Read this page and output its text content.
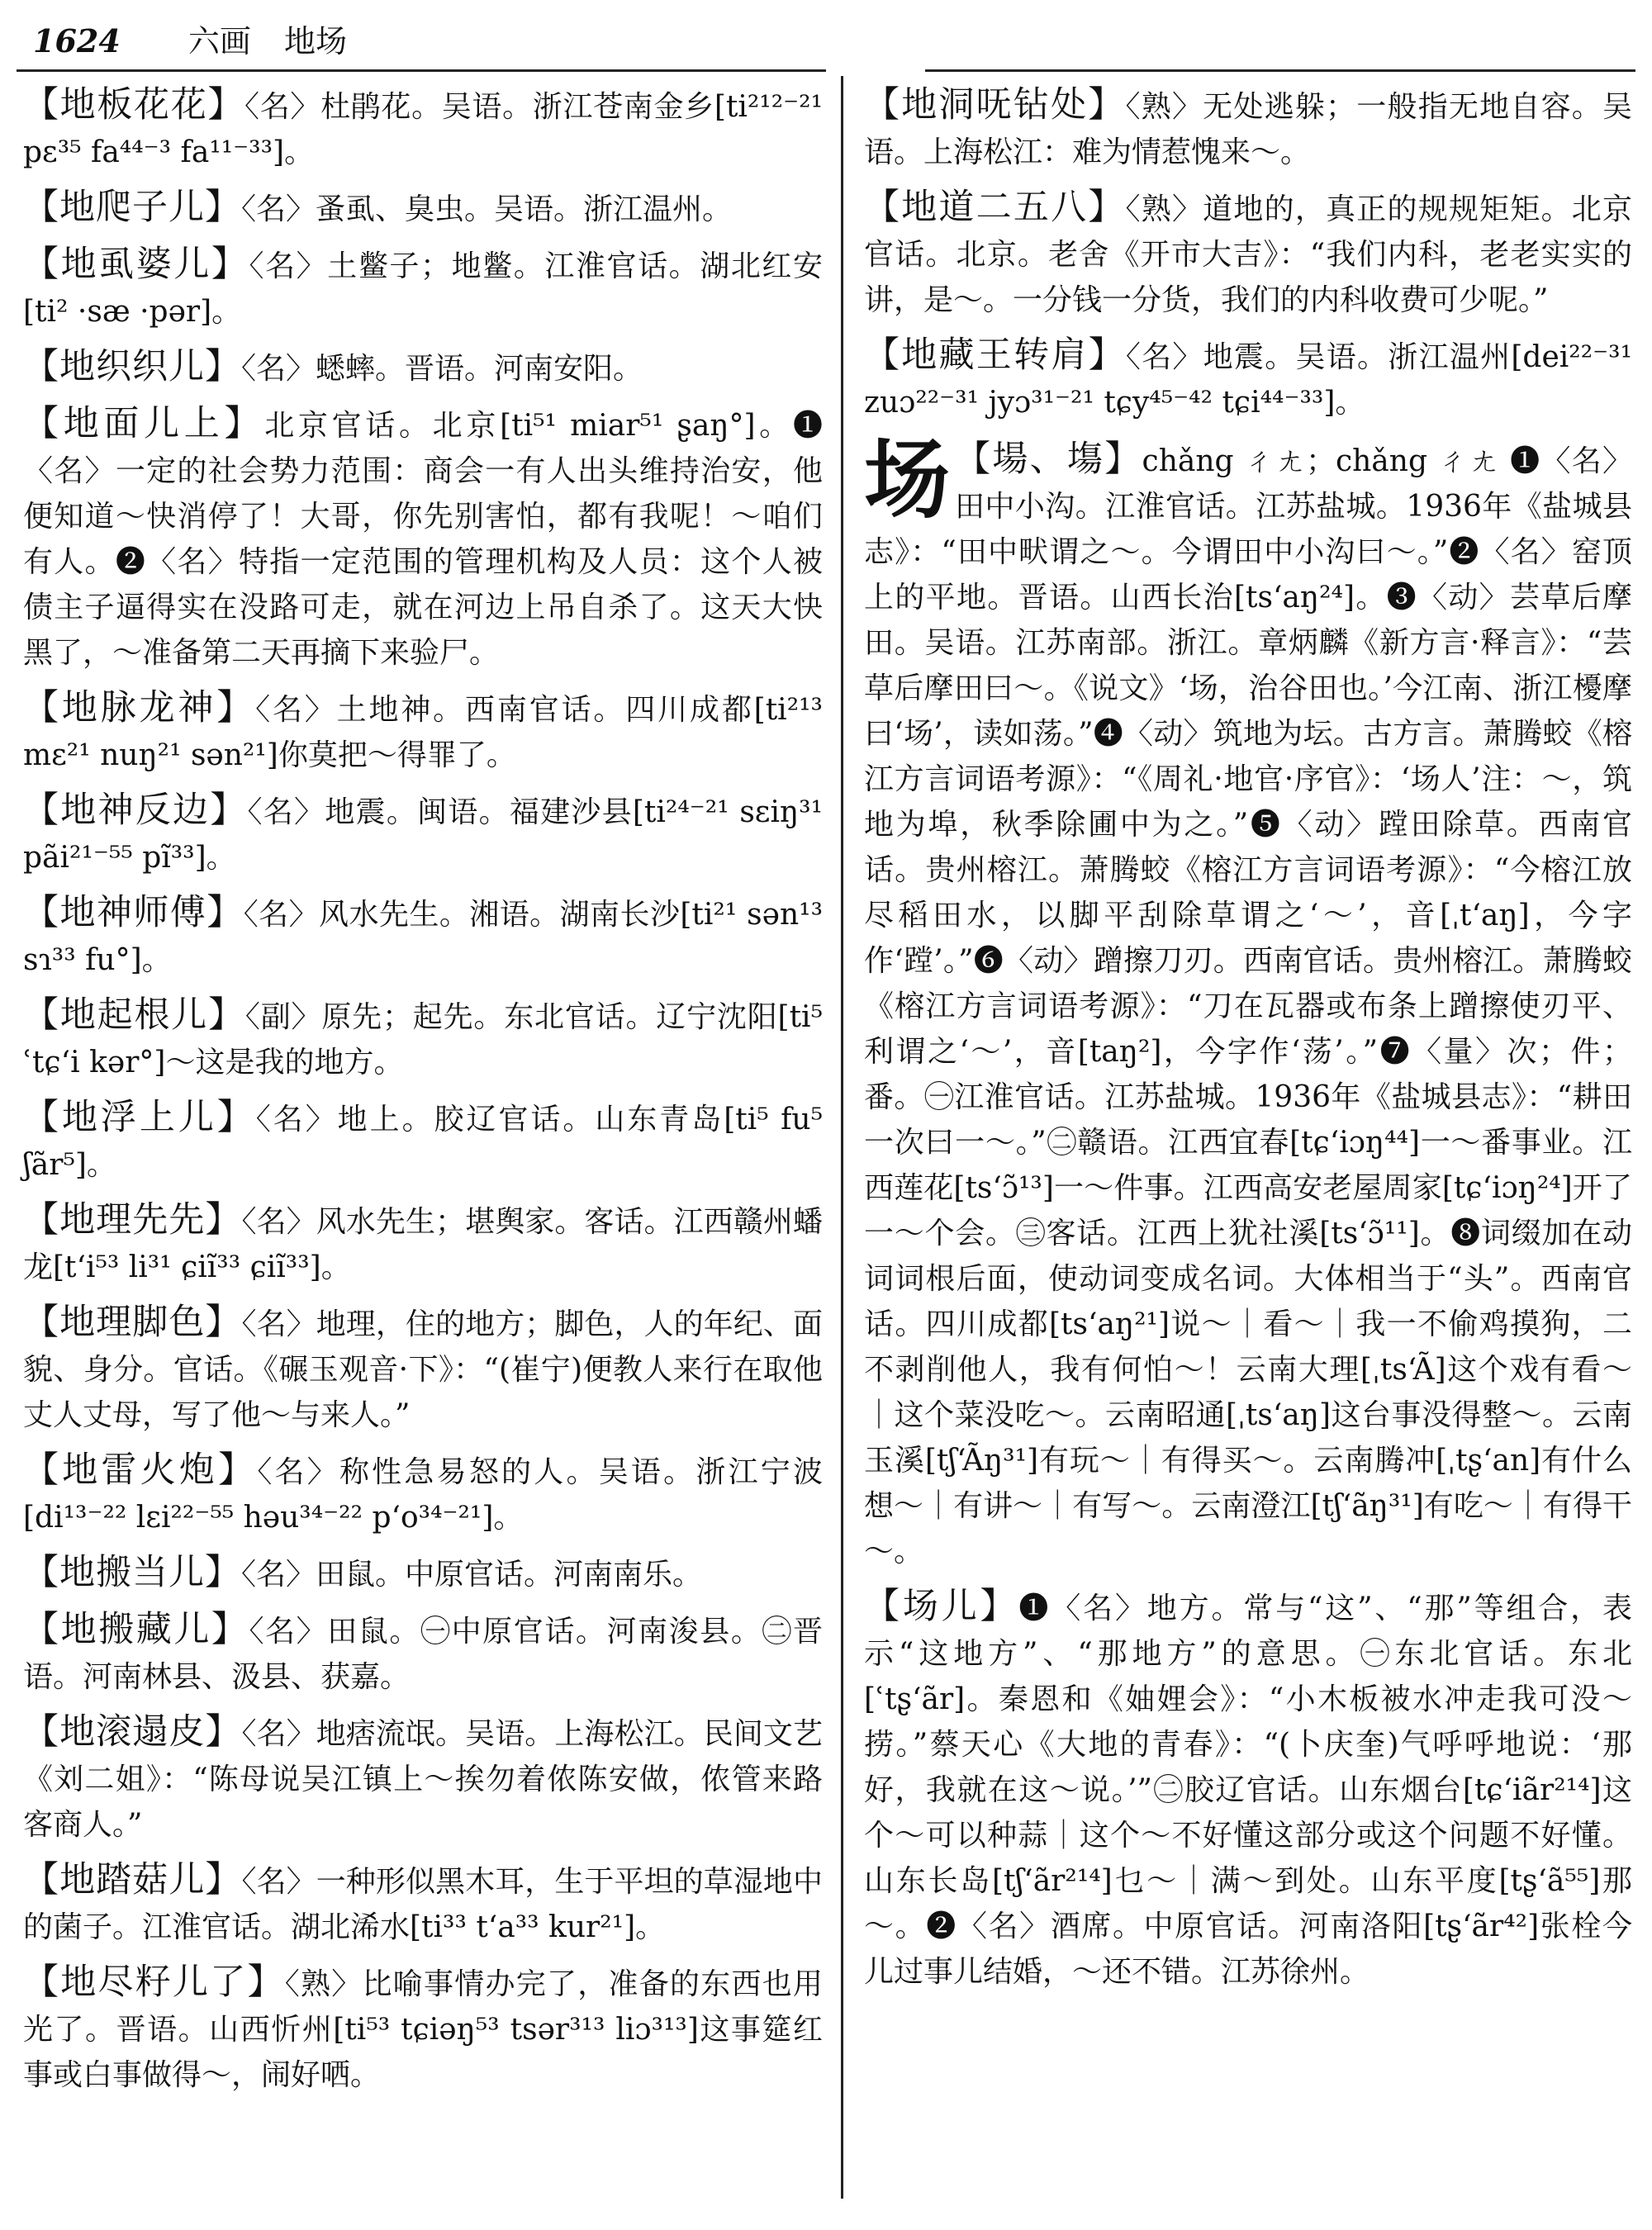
1624 六画 地场

【地板花花】〈名〉杜鹃花。吴语。浙江苍南金乡[ti²¹²⁻²¹ pɛ³⁵ fa⁴⁴⁻³ fa¹¹⁻³³]。

【地爬子儿】〈名〉蚤虱、臭虫。吴语。浙江温州。

【地虱婆儿】〈名〉土鳖子；地鳖。江淮官话。湖北红安[ti² ·sæ ·pər]。

【地织织儿】〈名〉蟋蟀。晋语。河南安阳。

【地面儿上】北京官话。北京[ti⁵¹ miar⁵¹ ʂaŋ°]。❶〈名〉一定的社会势力范围：商会一有人出头维持治安，他便知道～快消停了！大哥，你先别害怕，都有我呢！～咱们有人。❷〈名〉特指一定范围的管理机构及人员：这个人被债主子逼得实在没路可走，就在河边上吊自杀了。这天大快黑了，～准备第二天再摘下来验尸。

【地脉龙神】〈名〉土地神。西南官话。四川成都[ti²¹³ mɛ²¹ nuŋ²¹ sən²¹]你莫把～得罪了。

【地神反边】〈名〉地震。闽语。福建沙县[ti²⁴⁻²¹ sɛiŋ³¹ pãi²¹⁻⁵⁵ pĩ³³]。

【地神师傅】〈名〉风水先生。湘语。湖南长沙[ti²¹ sən¹³ sɿ³³ fu°]。

【地起根儿】〈副〉原先；起先。东北官话。辽宁沈阳[ti⁵ ʿtɕʻi kər°]～这是我的地方。

【地浮上儿】〈名〉地上。胶辽官话。山东青岛[ti⁵ fu⁵ ʃãr⁵]。

【地理先先】〈名〉风水先生；堪舆家。客话。江西赣州蟠龙[tʻi⁵³ li³¹ ɕiĩ³³ ɕiĩ³³]。

【地理脚色】〈名〉地理，住的地方；脚色，人的年纪、面貌、身分。官话。《碾玉观音·下》：“(崔宁)便教人来行在取他丈人丈母，写了他～与来人。”

【地雷火炮】〈名〉称性急易怒的人。吴语。浙江宁波[di¹³⁻²² lɛi²²⁻⁵⁵ həu³⁴⁻²² pʻo³⁴⁻²¹]。

【地搬当儿】〈名〉田鼠。中原官话。河南南乐。

【地搬藏儿】〈名〉田鼠。㊀中原官话。河南浚县。㊁晋语。河南林县、汲县、获嘉。

【地滚遢皮】〈名〉地痞流氓。吴语。上海松江。民间文艺《刘二姐》：“陈母说吴江镇上～挨勿着侬陈安做，侬管来路客商人。”

【地踏菇儿】〈名〉一种形似黑木耳，生于平坦的草湿地中的菌子。江淮官话。湖北浠水[ti³³ tʻa³³ kur²¹]。

【地尽籽儿了】〈熟〉比喻事情办完了，准备的东西也用光了。晋语。山西忻州[ti⁵³ tɕiəŋ⁵³ tsər³¹³ liɔ³¹³]这事筵红事或白事做得～，闹好哂。

【地洞呒钻处】〈熟〉无处逃躲；一般指无地自容。吴语。上海松江：难为情惹愧来～。

【地道二五八】〈熟〉道地的，真正的规规矩矩。北京官话。北京。老舍《开市大吉》：“我们内科，老老实实的讲，是～。一分钱一分货，我们的内科收费可少呢。”

【地藏王转肩】〈名〉地震。吴语。浙江温州[dei²²⁻³¹ zuɔ²²⁻³¹ jyɔ³¹⁻²¹ tɕy⁴⁵⁻⁴² tɕi⁴⁴⁻³³]。

场 【場、塲】chǎng ㄔㄤ；chǎng ㄔㄤ ❶〈名〉田中小沟。江淮官话。江苏盐城。1936年《盐城县志》：“田中畎谓之～。今谓田中小沟曰～。”❷〈名〉窑顶上的平地。晋语。山西长治[tsʻaŋ²⁴]。❸〈动〉芸草后摩田。吴语。江苏南部。浙江。章炳麟《新方言·释言》：“芸草后摩田曰～。《说文》‘场，治谷田也。’今江南、浙江櫌摩曰‘场’，读如荡。”❹〈动〉筑地为坛。古方言。萧腾蛟《榕江方言词语考源》：“《周礼·地官·序官》：‘场人’注：～，筑地为埠，秋季除圃中为之。”❺〈动〉蹚田除草。西南官话。贵州榕江。萧腾蛟《榕江方言词语考源》：“今榕江放尽稻田水，以脚平刮除草谓之‘～’，音[ˌtʻaŋ]，今字作‘蹚’。”❻〈动〉蹭擦刀刃。西南官话。贵州榕江。萧腾蛟《榕江方言词语考源》：“刀在瓦器或布条上蹭擦使刃平、利谓之‘～’，音[taŋ²]，今字作‘荡’。”❼〈量〉次；件；番。㊀江淮官话。江苏盐城。1936年《盐城县志》：“耕田一次曰一～。”㊁赣语。江西宜春[tɕʻiɔŋ⁴⁴]一～番事业。江西莲花[tsʻɔ̃¹³]一～件事。江西高安老屋周家[tɕʻiɔŋ²⁴]开了一～个会。㊂客话。江西上犹社溪[tsʻɔ̃¹¹]。❽词缀加在动词词根后面，使动词变成名词。大体相当于“头”。西南官话。四川成都[tsʻaŋ²¹]说～｜看～｜我一不偷鸡摸狗，二不剥削他人，我有何怕～！云南大理[ˌtsʻÃ]这个戏有看～｜这个菜没吃～。云南昭通[ˌtsʻaŋ]这台事没得整～。云南玉溪[tʃʻÃŋ³¹]有玩～｜有得买～。云南腾冲[ˌtʂʻan]有什么想～｜有讲～｜有写～。云南澄江[tʃʻãŋ³¹]有吃～｜有得干～。

【场儿】❶〈名〉地方。常与“这”、“那”等组合，表示“这地方”、“那地方”的意思。㊀东北官话。东北[ʿtʂʻãr]。秦恩和《妯娌会》：“小木板被水冲走我可没～捞。”蔡天心《大地的青春》：“(卜庆奎)气呼呼地说：‘那好，我就在这～说。’”㊁胶辽官话。山东烟台[tɕʻiãr²¹⁴]这个～可以种蒜｜这个～不好懂这部分或这个问题不好懂。山东长岛[tʃʻãr²¹⁴]乜～｜满～到处。山东平度[tʂʻã⁵⁵]那～。❷〈名〉酒席。中原官话。河南洛阳[tʂʻãr⁴²]张栓今儿过事儿结婚，～还不错。江苏徐州。
